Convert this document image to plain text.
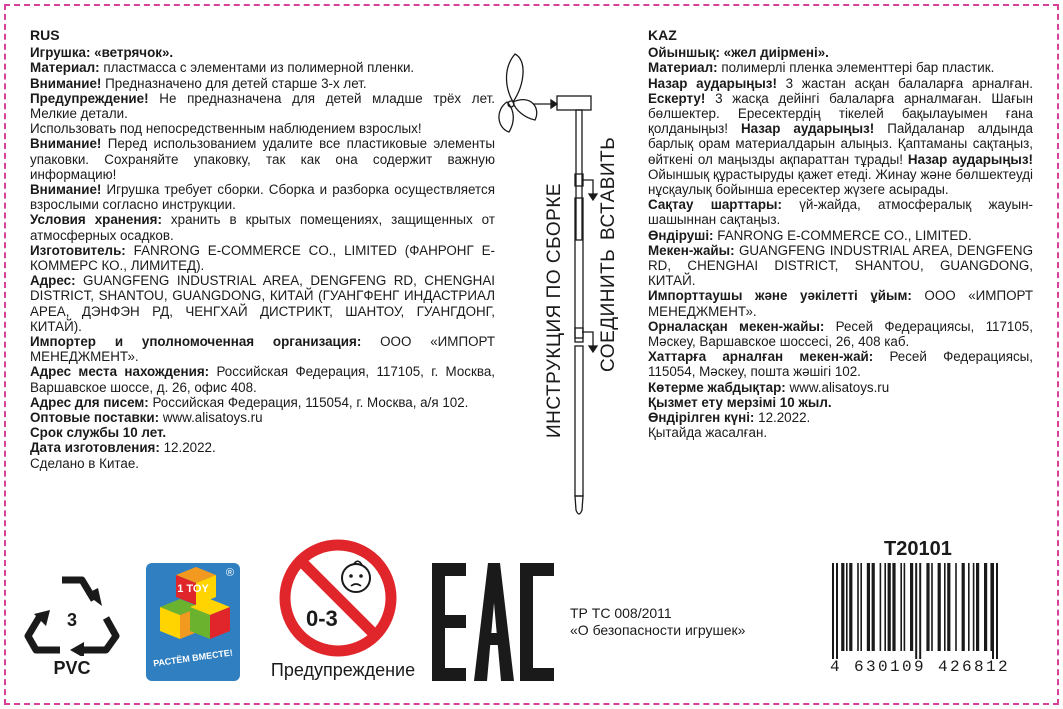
RUS

Игрушка: «ветрячок».

Материал: пластмасса с элементами из полимерной пленки.

Внимание! Предназначено для детей старше 3-х лет.

Предупреждение! Не предназначена для детей младше трёх лет. Мелкие детали.

Использовать под непосредственным наблюдением взрослых!

Внимание! Перед использованием удалите все пластиковые элементы упаковки. Сохраняйте упаковку, так как она содержит важную информацию!

Внимание! Игрушка требует сборки. Сборка и разборка осуществляется взрослыми согласно инструкции.

Условия хранения: хранить в крытых помещениях, защищенных от атмосферных осадков.

Изготовитель: FANRONG E-COMMERCE CO., LIMITED (ФАНРОНГ Е-КОММЕРС КО., ЛИМИТЕД).

Адрес: GUANGFENG INDUSTRIAL AREA, DENGFENG RD, CHENGHAI DISTRICT, SHANTOU, GUANGDONG, КИТАЙ (ГУАНГФЕНГ ИНДАСТРИАЛ АРЕА, ДЭНФЭН РД, ЧЕНГХАЙ ДИСТРИКТ, ШАНТОУ, ГУАНГДОНГ, КИТАЙ).

Импортер и уполномоченная организация: ООО «ИМПОРТ МЕНЕДЖМЕНТ».

Адрес места нахождения: Российская Федерация, 117105, г. Москва, Варшавское шоссе, д. 26, офис 408.

Адрес для писем: Российская Федерация, 115054, г. Москва, а/я 102.

Оптовые поставки: www.alisatoys.ru

Срок службы 10 лет.

Дата изготовления: 12.2022.

Сделано в Китае.

KAZ

Ойыншық: «жел диірмені».

Материал: полимерлі пленка элементтері бар пластик.

Назар аударыңыз! 3 жастан асқан балаларға арналған. Ескерту! 3 жасқа дейінгі балаларға арналмаған. Шағын бөлшектер. Ересектердің тікелей бақылауымен ғана қолданыңыз! Назар аударыңыз! Пайдаланар алдында барлық орам материалдарын алыңыз. Қаптаманы сақтаңыз, өйткені ол маңызды ақпараттан тұрады! Назар аударыңыз! Ойыншық құрастыруды қажет етеді. Жинау және бөлшектеуді нұсқаулық бойынша ересектер жүзеге асырады.

Сақтау шарттары: үй-жайда, атмосфералық жауын-шашыннан сақтаңыз.

Өндіруші: FANRONG E-COMMERCE CO., LIMITED.

Мекен-жайы: GUANGFENG INDUSTRIAL AREA, DENGFENG RD, CHENGHAI DISTRICT, SHANTOU, GUANGDONG, КИТАЙ.

Импорттаушы және уәкілетті ұйым: ООО «ИМПОРТ МЕНЕДЖМЕНТ».

Орналасқан мекен-жайы: Ресей Федерациясы, 117105, Мәскеу, Варшавское шоссесі, 26, 408 каб.

Хаттарға арналған мекен-жай: Ресей Федерациясы, 115054, Мәскеу, пошта жәшігі 102.

Көтерме жабдықтар: www.alisatoys.ru

Қызмет ету мерзімі 10 жыл.

Өндірілген күні: 12.2022.

Қытайда жасалған.

ИНСТРУКЦИЯ ПО СБОРКЕ ВСТАВИТЬ
СОЕДИНИТЬ
3
PVC
1 TOY
®
РАСТЁМ ВМЕСТЕ!
0-3
Предупреждение
ТР ТС 008/2011
«О безопасности игрушек»
T20101
4 630109 426812
